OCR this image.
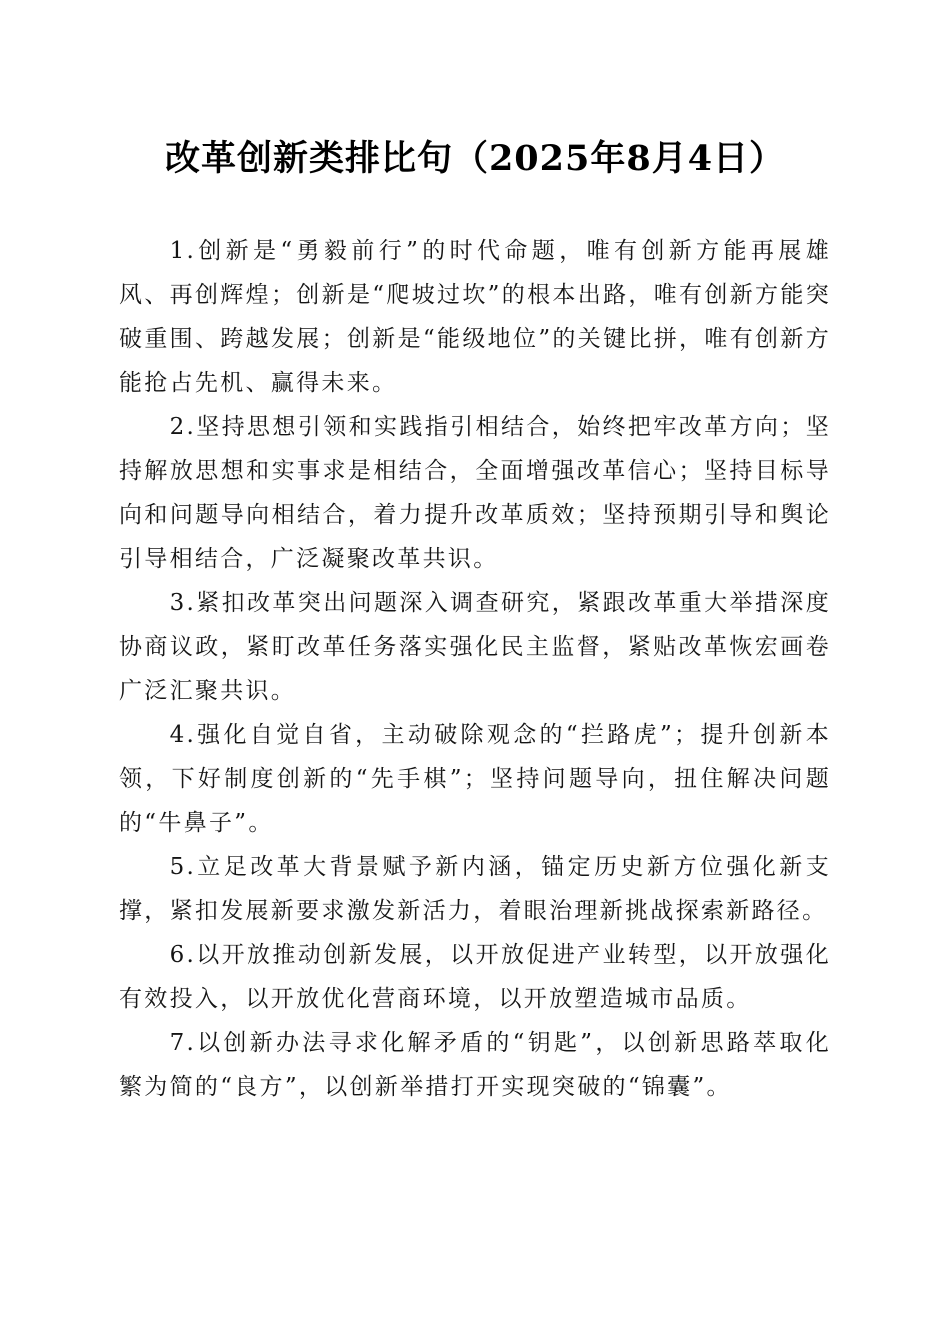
改革创新类排比句（2025年8月4日）

1.创新是“勇毅前行”的时代命题，唯有创新方能再展雄风、再创辉煌；创新是“爬坡过坎”的根本出路，唯有创新方能突破重围、跨越发展；创新是“能级地位”的关键比拼，唯有创新方能抢占先机、赢得未来。

2.坚持思想引领和实践指引相结合，始终把牢改革方向；坚持解放思想和实事求是相结合，全面增强改革信心；坚持目标导向和问题导向相结合，着力提升改革质效；坚持预期引导和舆论引导相结合，广泛凝聚改革共识。

3.紧扣改革突出问题深入调查研究，紧跟改革重大举措深度协商议政，紧盯改革任务落实强化民主监督，紧贴改革恢宏画卷广泛汇聚共识。

4.强化自觉自省，主动破除观念的“拦路虎”；提升创新本领，下好制度创新的“先手棋”；坚持问题导向，扭住解决问题的“牛鼻子”。

5.立足改革大背景赋予新内涵，锚定历史新方位强化新支撑，紧扣发展新要求激发新活力，着眼治理新挑战探索新路径。

6.以开放推动创新发展，以开放促进产业转型，以开放强化有效投入，以开放优化营商环境，以开放塑造城市品质。

7.以创新办法寻求化解矛盾的“钥匙”，以创新思路萃取化繁为简的“良方”，以创新举措打开实现突破的“锦囊”。
